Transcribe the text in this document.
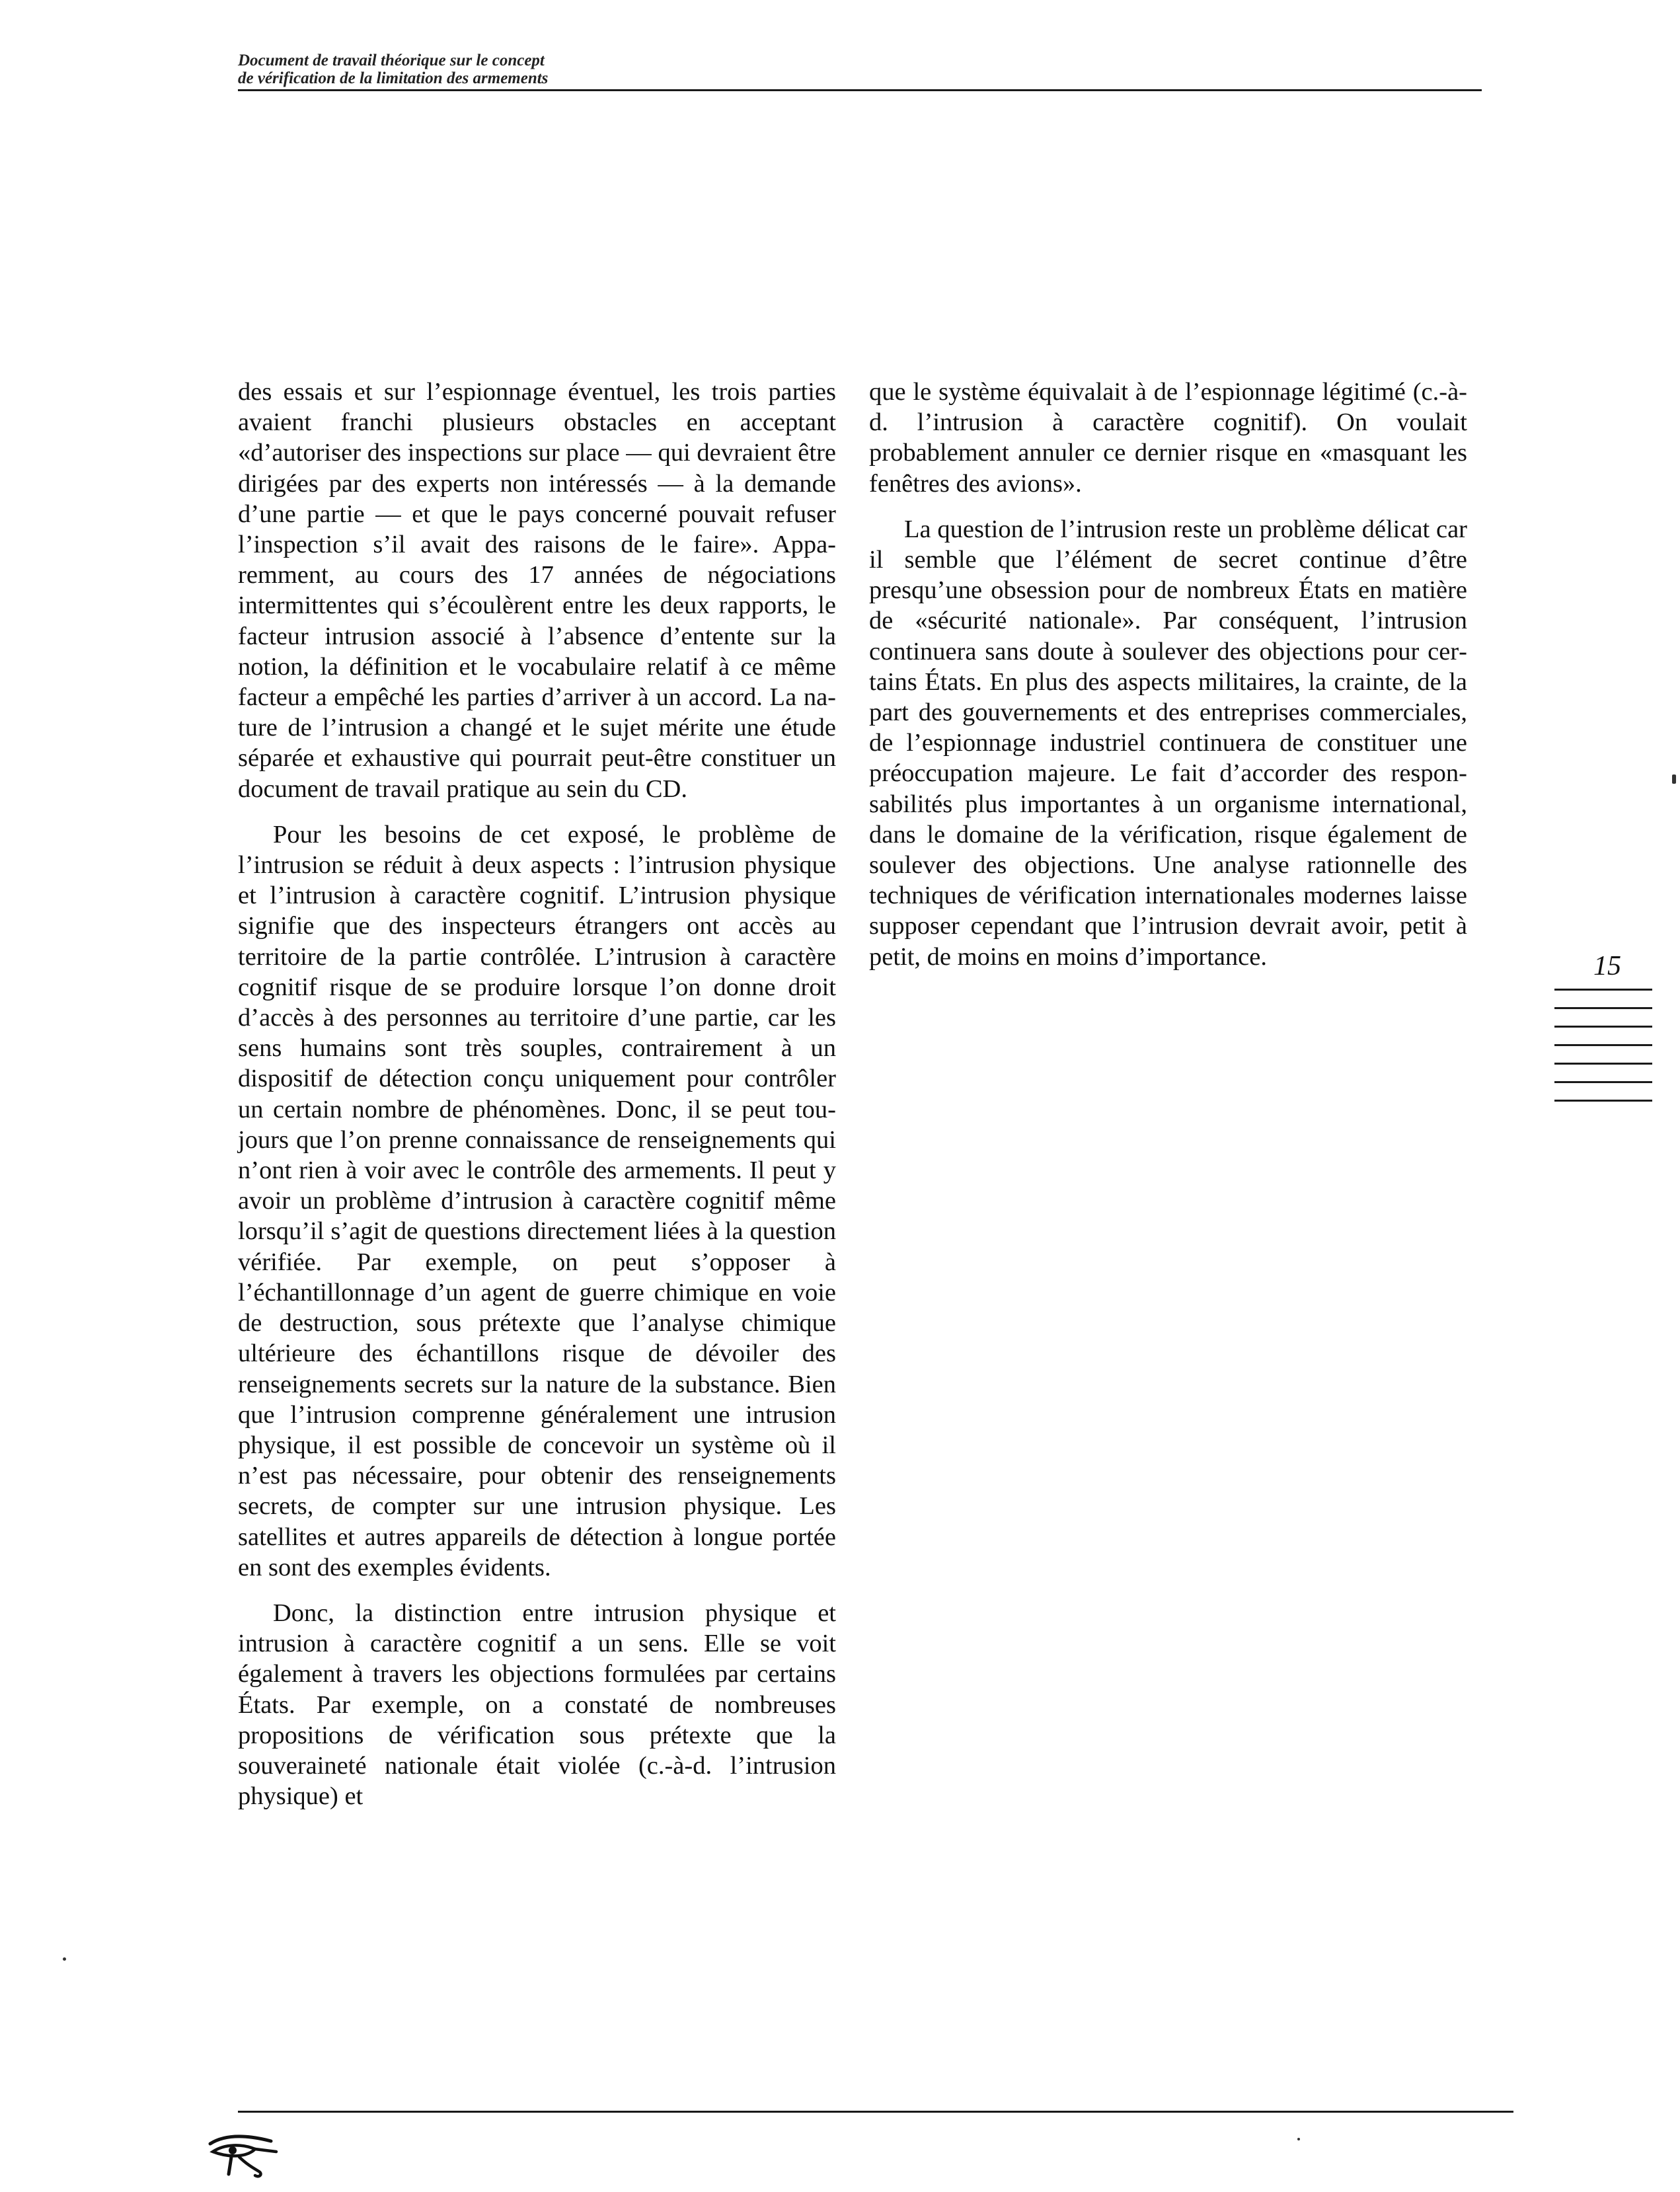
Document de travail théorique sur le concept
de vérification de la limitation des armements

des essais et sur l’espionnage éventuel, les trois parties avaient franchi plusieurs obstacles en acceptant «d’autoriser des inspections sur place — qui devraient être dirigées par des experts non intéressés — à la demande d’une partie — et que le pays concerné pouvait refuser l’inspection s’il avait des raisons de le faire». Apparemment, au cours des 17 années de négociations intermittentes qui s’écoulèrent entre les deux rapports, le facteur intrusion associé à l’absence d’entente sur la notion, la définition et le vocabulaire relatif à ce même facteur a empêché les parties d’arriver à un accord. La nature de l’intrusion a changé et le sujet mérite une étude séparée et exhaustive qui pourrait peut-être constituer un document de travail pratique au sein du CD.

Pour les besoins de cet exposé, le problème de l’intrusion se réduit à deux aspects : l’intrusion physique et l’intrusion à caractère cognitif. L’intrusion physique signifie que des inspecteurs étrangers ont accès au territoire de la partie contrôlée. L’intrusion à caractère cognitif risque de se produire lorsque l’on donne droit d’accès à des personnes au territoire d’une partie, car les sens humains sont très souples, contrairement à un dispositif de détection conçu uniquement pour contrôler un certain nombre de phénomènes. Donc, il se peut toujours que l’on prenne connaissance de renseignements qui n’ont rien à voir avec le contrôle des armements. Il peut y avoir un problème d’intrusion à caractère cognitif même lorsqu’il s’agit de questions directement liées à la question vérifiée. Par exemple, on peut s’opposer à l’échantillonnage d’un agent de guerre chimique en voie de destruction, sous prétexte que l’analyse chimique ultérieure des échantillons risque de dévoiler des renseignements secrets sur la nature de la substance. Bien que l’intrusion comprenne généralement une intrusion physique, il est possible de concevoir un système où il n’est pas nécessaire, pour obtenir des renseignements secrets, de compter sur une intrusion physique. Les satellites et autres appareils de détection à longue portée en sont des exemples évidents.

Donc, la distinction entre intrusion physique et intrusion à caractère cognitif a un sens. Elle se voit également à travers les objections formulées par certains États. Par exemple, on a constaté de nombreuses propositions de vérification sous prétexte que la souveraineté nationale était violée (c.-à-d. l’intrusion physique) et

que le système équivalait à de l’espionnage légitimé (c.-à-d. l’intrusion à caractère cognitif). On voulait probablement annuler ce dernier risque en «masquant les fenêtres des avions».

La question de l’intrusion reste un problème délicat car il semble que l’élément de secret continue d’être presqu’une obsession pour de nombreux États en matière de «sécurité nationale». Par conséquent, l’intrusion continuera sans doute à soulever des objections pour certains États. En plus des aspects militaires, la crainte, de la part des gouvernements et des entreprises commerciales, de l’espionnage industriel continuera de constituer une préoccupation majeure. Le fait d’accorder des responsabilités plus importantes à un organisme international, dans le domaine de la vérification, risque également de soulever des objections. Une analyse rationnelle des techniques de vérification internationales modernes laisse supposer cependant que l’intrusion devrait avoir, petit à petit, de moins en moins d’importance.	15
